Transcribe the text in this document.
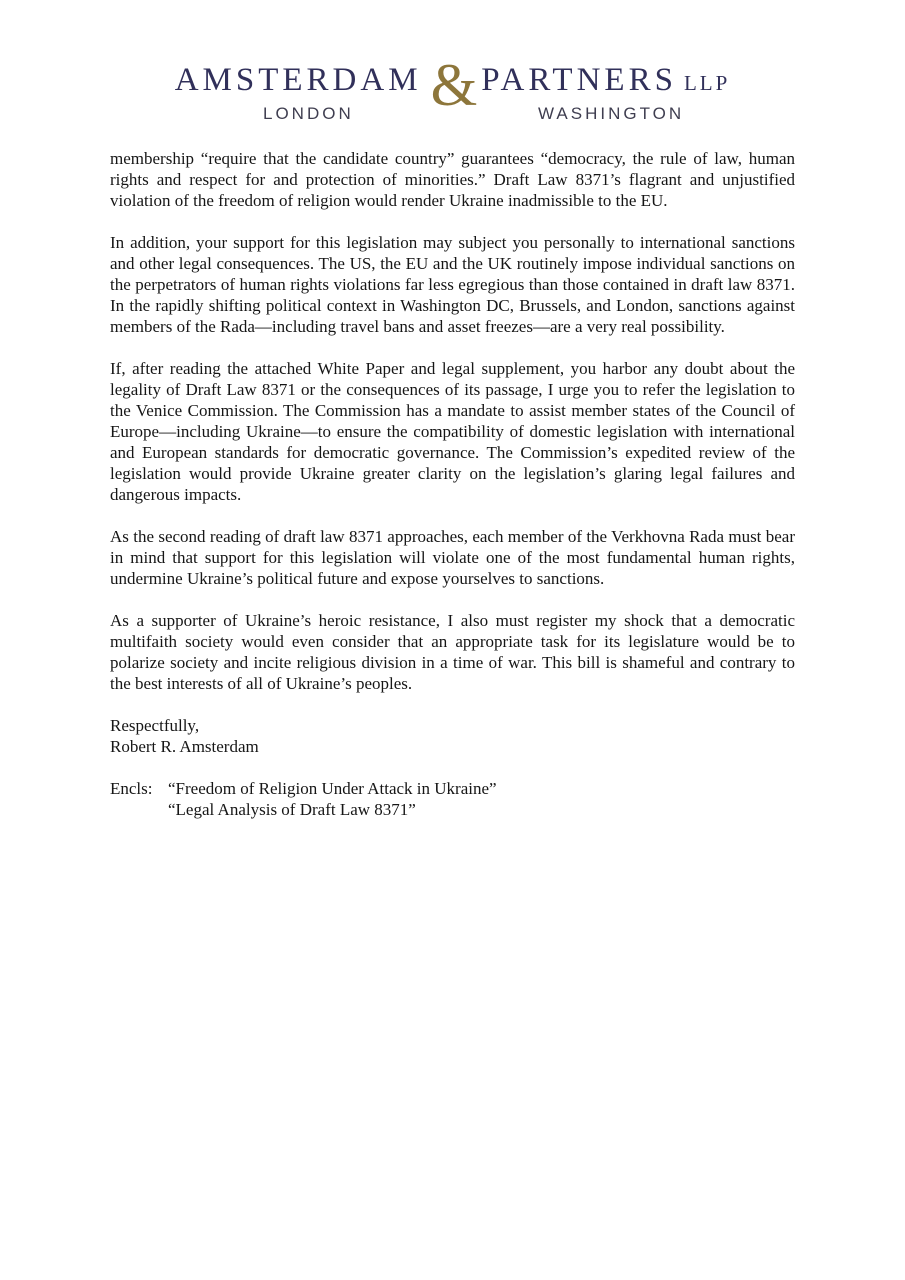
AMSTERDAM & PARTNERS LLP
LONDON	WASHINGTON

membership “require that the candidate country” guarantees “democracy, the rule of law, human rights and respect for and protection of minorities.” Draft Law 8371’s flagrant and unjustified violation of the freedom of religion would render Ukraine inadmissible to the EU.

In addition, your support for this legislation may subject you personally to international sanctions and other legal consequences. The US, the EU and the UK routinely impose individual sanctions on the perpetrators of human rights violations far less egregious than those contained in draft law 8371. In the rapidly shifting political context in Washington DC, Brussels, and London, sanctions against members of the Rada—including travel bans and asset freezes—are a very real possibility.

If, after reading the attached White Paper and legal supplement, you harbor any doubt about the legality of Draft Law 8371 or the consequences of its passage, I urge you to refer the legislation to the Venice Commission. The Commission has a mandate to assist member states of the Council of Europe—including Ukraine—to ensure the compatibility of domestic legislation with international and European standards for democratic governance. The Commission’s expedited review of the legislation would provide Ukraine greater clarity on the legislation’s glaring legal failures and dangerous impacts.

As the second reading of draft law 8371 approaches, each member of the Verkhovna Rada must bear in mind that support for this legislation will violate one of the most fundamental human rights, undermine Ukraine’s political future and expose yourselves to sanctions.

As a supporter of Ukraine’s heroic resistance, I also must register my shock that a democratic multifaith society would even consider that an appropriate task for its legislature would be to polarize society and incite religious division in a time of war. This bill is shameful and contrary to the best interests of all of Ukraine’s peoples.

Respectfully,
Robert R. Amsterdam
Encls: “Freedom of Religion Under Attack in Ukraine”
“Legal Analysis of Draft Law 8371”
